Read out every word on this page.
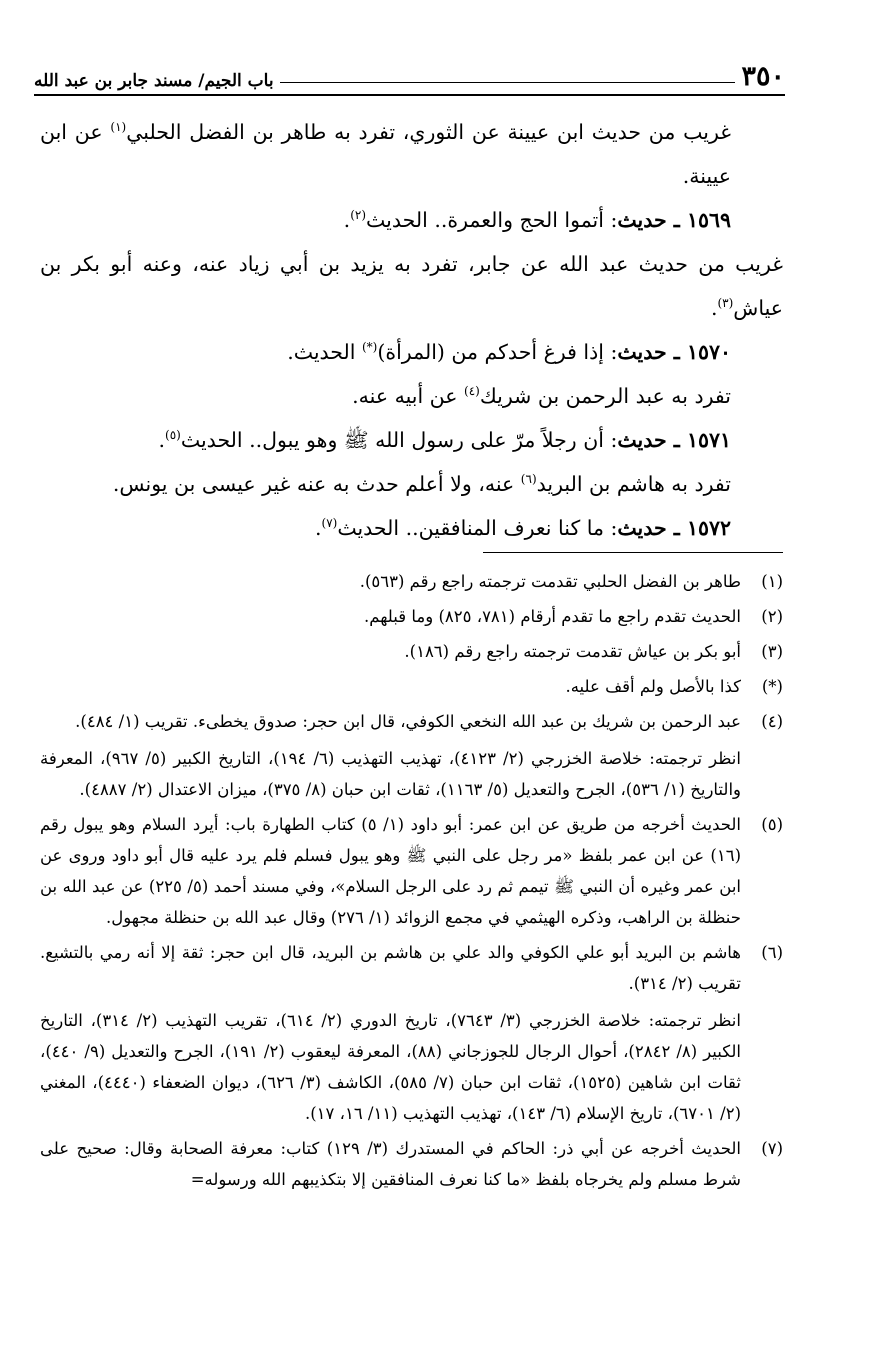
٣٥٠
باب الجيم/ مسند جابر بن عبد الله

غريب من حديث ابن عيينة عن الثوري، تفرد به طاهر بن الفضل الحلبي$^{(١)}$ عن ابن عيينة.

١٥٦٩ ـ حديث: أتموا الحج والعمرة.. الحديث$^{(٢)}$.

غريب من حديث عبد الله عن جابر، تفرد به يزيد بن أبي زياد عنه، وعنه أبو بكر بن عياش$^{(٣)}$.

١٥٧٠ ـ حديث: إذا فرغ أحدكم من (المرأة)(*) الحديث.

تفرد به عبد الرحمن بن شريك$^{(٤)}$ عن أبيه عنه.

١٥٧١ ـ حديث: أن رجلاً مرّ على رسول الله ﷺ وهو يبول.. الحديث$^{(٥)}$.

تفرد به هاشم بن البريد$^{(٦)}$ عنه، ولا أعلم حدث به عنه غير عيسى بن يونس.

١٥٧٢ ـ حديث: ما كنا نعرف المنافقين.. الحديث$^{(٧)}$.

(١)

طاهر بن الفضل الحلبي تقدمت ترجمته راجع رقم (٥٦٣).

(٢)

الحديث تقدم راجع ما تقدم أرقام (٧٨١، ٨٢٥) وما قبلهم.

(٣)

أبو بكر بن عياش تقدمت ترجمته راجع رقم (١٨٦).

(*)

كذا بالأصل ولم أقف عليه.

(٤)

عبد الرحمن بن شريك بن عبد الله النخعي الكوفي، قال ابن حجر: صدوق يخطىء. تقريب (١/ ٤٨٤).

انظر ترجمته: خلاصة الخزرجي (٢/ ٤١٢٣)، تهذيب التهذيب (٦/ ١٩٤)، التاريخ الكبير (٥/ ٩٦٧)، المعرفة والتاريخ (١/ ٥٣٦)، الجرح والتعديل (٥/ ١١٦٣)، ثقات ابن حبان (٨/ ٣٧٥)، ميزان الاعتدال (٢/ ٤٨٨٧).

(٥)

الحديث أخرجه من طريق عن ابن عمر: أبو داود (١/ ٥) كتاب الطهارة باب: أيرد السلام وهو يبول رقم (١٦) عن ابن عمر بلفظ «مر رجل على النبي ﷺ وهو يبول فسلم فلم يرد عليه قال أبو داود وروى عن ابن عمر وغيره أن النبي ﷺ تيمم ثم رد على الرجل السلام»، وفي مسند أحمد (٥/ ٢٢٥) عن عبد الله بن حنظلة بن الراهب، وذكره الهيثمي في مجمع الزوائد (١/ ٢٧٦) وقال عبد الله بن حنظلة مجهول.

(٦)

هاشم بن البريد أبو علي الكوفي والد علي بن هاشم بن البريد، قال ابن حجر: ثقة إلا أنه رمي بالتشيع. تقريب (٢/ ٣١٤).

انظر ترجمته: خلاصة الخزرجي (٣/ ٧٦٤٣)، تاريخ الدوري (٢/ ٦١٤)، تقريب التهذيب (٢/ ٣١٤)، التاريخ الكبير (٨/ ٢٨٤٢)، أحوال الرجال للجوزجاني (٨٨)، المعرفة ليعقوب (٢/ ١٩١)، الجرح والتعديل (٩/ ٤٤٠)، ثقات ابن شاهين (١٥٢٥)، ثقات ابن حبان (٧/ ٥٨٥)، الكاشف (٣/ ٦٢٦)، ديوان الضعفاء (٤٤٤٠)، المغني (٢/ ٦٧٠١)، تاريخ الإسلام (٦/ ١٤٣)، تهذيب التهذيب (١١/ ١٦، ١٧).

(٧)

الحديث أخرجه عن أبي ذر: الحاكم في المستدرك (٣/ ١٢٩) كتاب: معرفة الصحابة وقال: صحيح على شرط مسلم ولم يخرجاه بلفظ «ما كنا نعرف المنافقين إلا بتكذيبهم الله ورسوله=
